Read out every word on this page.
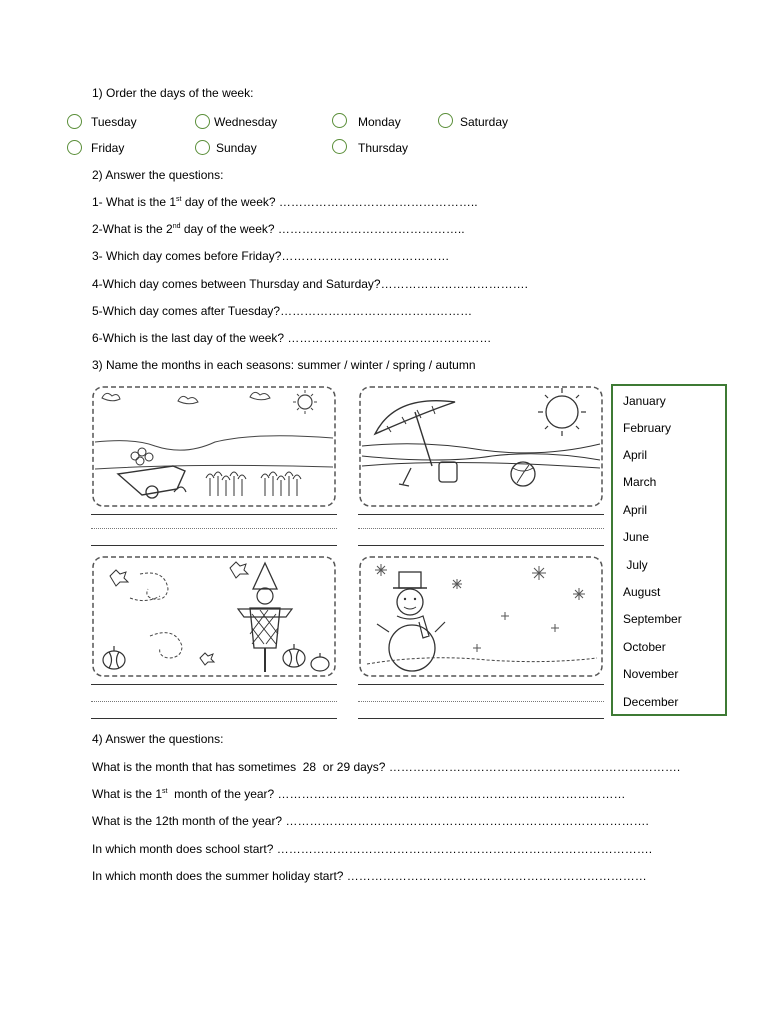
1) Order the days of the week:
Tuesday	Wednesday	Monday	Saturday
Friday	Sunday	Thursday
2) Answer the questions:
1- What is the 1st day of the week? …………………………………………..
2-What is the 2nd day of the week? ………………………………………..
3- Which day comes before Friday?……………………………………
4-Which day comes between Thursday and Saturday?……………………………….
5-Which day comes after Tuesday?…………………………………………
6-Which is the last day of the week? ……………………………………………
3) Name the months in each seasons: summer / winter / spring / autumn
January
February
April
March
April
June
July
August
September
October
November
December
4) Answer the questions:
What is the month that has sometimes  28  or 29 days? ……………………………………………………………….
What is the 1st  month of the year? ……………………………………………………………………………
What is the 12th month of the year? ……………………………………………………………………………….
In which month does school start? ………………………………………………………………………………….
In which month does the summer holiday start? …………………………………………………………………
